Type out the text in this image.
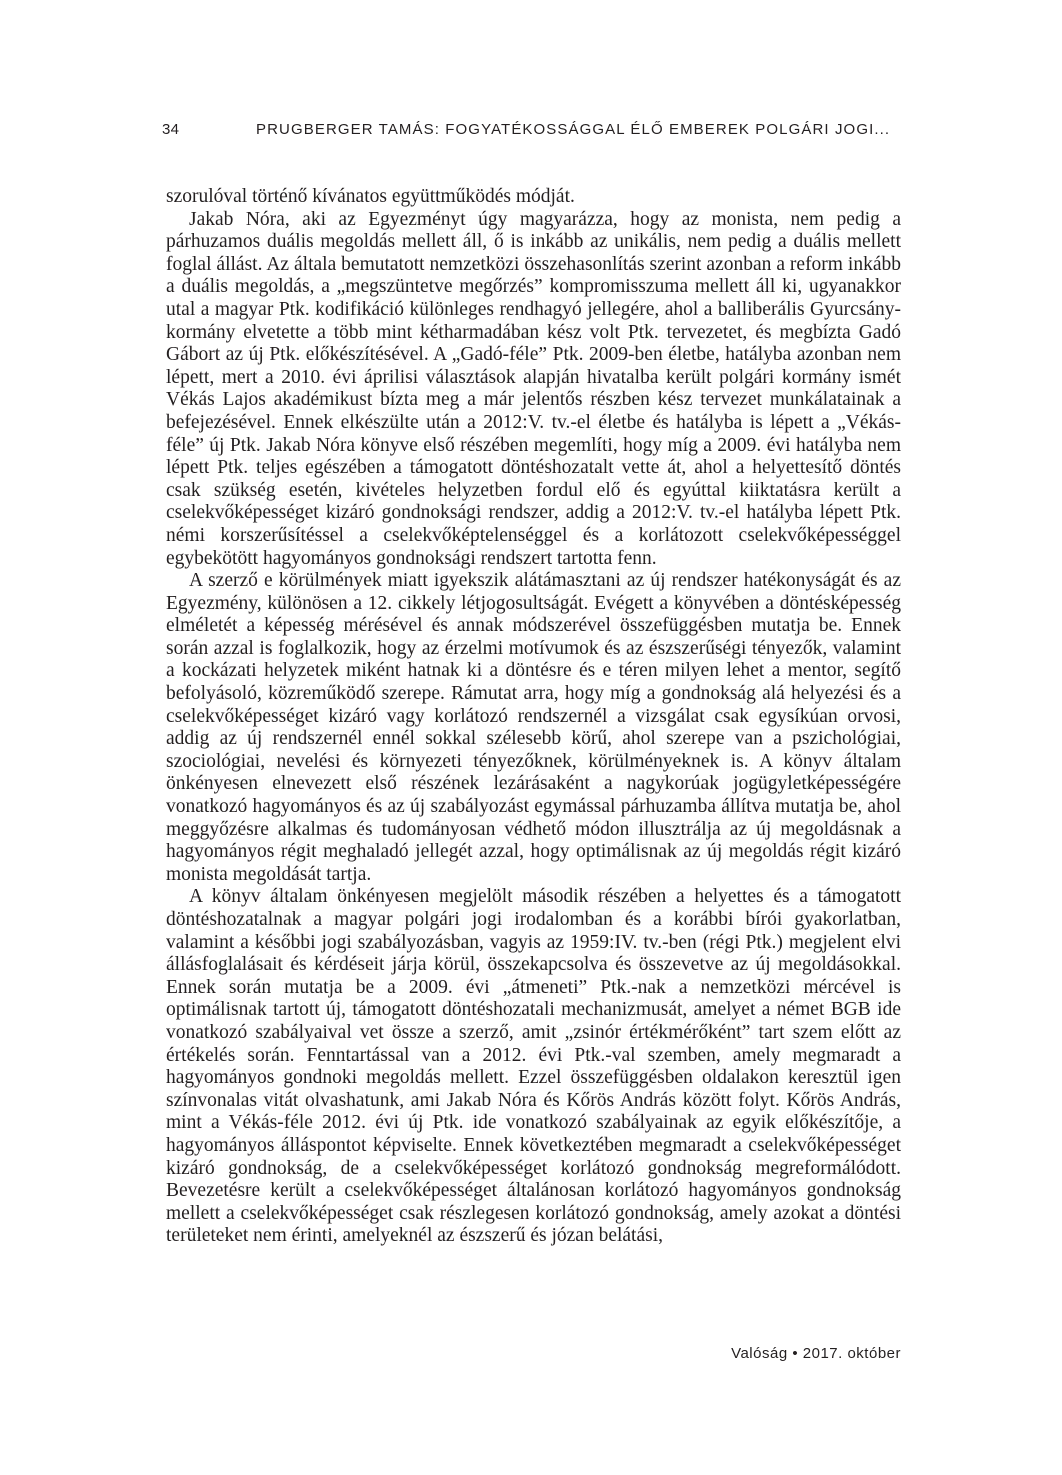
34	PRUGBERGER TAMÁS: FOGYATÉKOSSÁGGAL ÉLŐ EMBEREK POLGÁRI JOGI...

szorulóval történő kívánatos együttműködés módját.

Jakab Nóra, aki az Egyezményt úgy magyarázza, hogy az monista, nem pedig a párhuzamos duális megoldás mellett áll, ő is inkább az unikális, nem pedig a duális mellett foglal állást. Az általa bemutatott nemzetközi összehasonlítás szerint azonban a reform inkább a duális megoldás, a „megszüntetve megőrzés” kompromisszuma mellett áll ki, ugyanakkor utal a magyar Ptk. kodifikáció különleges rendhagyó jellegére, ahol a balliberális Gyurcsány-kormány elvetette a több mint kétharmadában kész volt Ptk. tervezetet, és megbízta Gadó Gábort az új Ptk. előkészítésével. A „Gadó-féle” Ptk. 2009-ben életbe, hatályba azonban nem lépett, mert a 2010. évi áprilisi választások alapján hivatalba került polgári kormány ismét Vékás Lajos akadémikust bízta meg a már jelentős részben kész tervezet munkálatainak a befejezésével. Ennek elkészülte után a 2012:V. tv.-el életbe és hatályba is lépett a „Vékás-féle” új Ptk. Jakab Nóra könyve első részében megemlíti, hogy míg a 2009. évi hatályba nem lépett Ptk. teljes egészében a támogatott döntéshozatalt vette át, ahol a helyettesítő döntés csak szükség esetén, kivételes helyzetben fordul elő és egyúttal kiiktatásra került a cselekvőképességet kizáró gondnoksági rendszer, addig a 2012:V. tv.-el hatályba lépett Ptk. némi korszerűsítéssel a cselekvőképtelenséggel és a korlátozott cselekvőképességgel egybekötött hagyományos gondnoksági rendszert tartotta fenn.

A szerző e körülmények miatt igyekszik alátámasztani az új rendszer hatékonyságát és az Egyezmény, különösen a 12. cikkely létjogosultságát. Evégett a könyvében a döntésképesség elméletét a képesség mérésével és annak módszerével összefüggésben mutatja be. Ennek során azzal is foglalkozik, hogy az érzelmi motívumok és az észszerűségi tényezők, valamint a kockázati helyzetek miként hatnak ki a döntésre és e téren milyen lehet a mentor, segítő befolyásoló, közreműködő szerepe. Rámutat arra, hogy míg a gondnokság alá helyezési és a cselekvőképességet kizáró vagy korlátozó rendszernél a vizsgálat csak egysíkúan orvosi, addig az új rendszernél ennél sokkal szélesebb körű, ahol szerepe van a pszichológiai, szociológiai, nevelési és környezeti tényezőknek, körülményeknek is. A könyv általam önkényesen elnevezett első részének lezárásaként a nagykorúak jogügyletképességére vonatkozó hagyományos és az új szabályozást egymással párhuzamba állítva mutatja be, ahol meggyőzésre alkalmas és tudományosan védhető módon illusztrálja az új megoldásnak a hagyományos régit meghaladó jellegét azzal, hogy optimálisnak az új megoldás régit kizáró monista megoldását tartja.

A könyv általam önkényesen megjelölt második részében a helyettes és a támogatott döntéshozatalnak a magyar polgári jogi irodalomban és a korábbi bírói gyakorlatban, valamint a későbbi jogi szabályozásban, vagyis az 1959:IV. tv.-ben (régi Ptk.) megjelent elvi állásfoglalásait és kérdéseit járja körül, összekapcsolva és összevetve az új megoldásokkal. Ennek során mutatja be a 2009. évi „átmeneti” Ptk.-nak a nemzetközi mércével is optimálisnak tartott új, támogatott döntéshozatali mechanizmusát, amelyet a német BGB ide vonatkozó szabályaival vet össze a szerző, amit „zsinór értékmérőként” tart szem előtt az értékelés során. Fenntartással van a 2012. évi Ptk.-val szemben, amely megmaradt a hagyományos gondnoki megoldás mellett. Ezzel összefüggésben oldalakon keresztül igen színvonalas vitát olvashatunk, ami Jakab Nóra és Kőrös András között folyt. Kőrös András, mint a Vékás-féle 2012. évi új Ptk. ide vonatkozó szabályainak az egyik előkészítője, a hagyományos álláspontot képviselte. Ennek következtében megmaradt a cselekvőképességet kizáró gondnokság, de a cselekvőképességet korlátozó gondnokság megreformálódott. Bevezetésre került a cselekvőképességet általánosan korlátozó hagyományos gondnokság mellett a cselekvőképességet csak részlegesen korlátozó gondnokság, amely azokat a döntési területeket nem érinti, amelyeknél az észszerű és józan belátási,

Valóság • 2017. október
